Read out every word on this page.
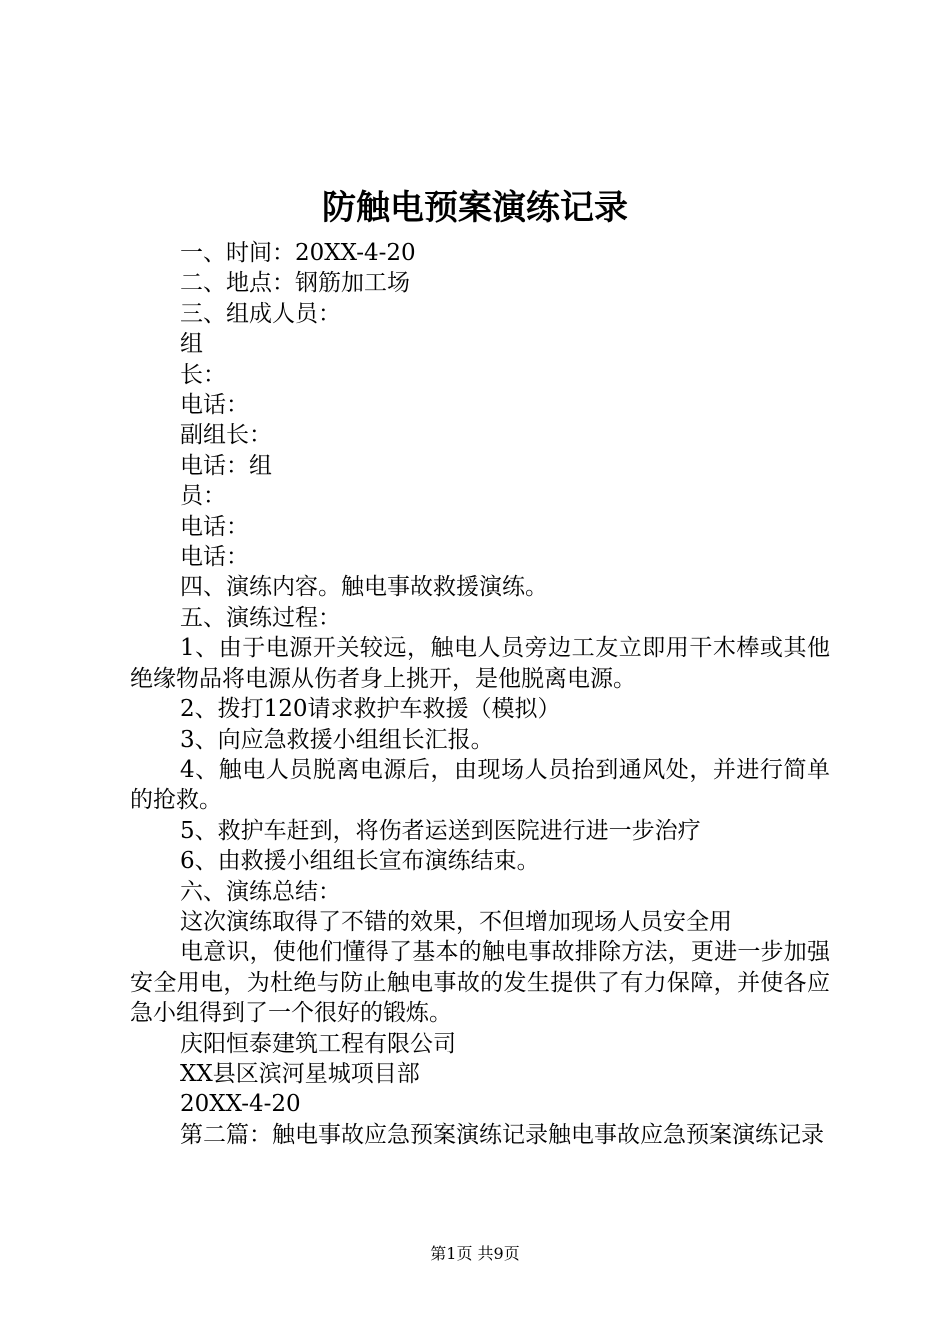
防触电预案演练记录
一、时间：20XX-4-20
二、地点：钢筋加工场
三、组成人员：
组
长：
电话：
副组长：
电话：组
员：
电话：
电话：
四、演练内容。触电事故救援演练。
五、演练过程：

1、由于电源开关较远，触电人员旁边工友立即用干木棒或其他绝缘物品将电源从伤者身上挑开，是他脱离电源。

2、拨打120请求救护车救援（模拟）
3、向应急救援小组组长汇报。

4、触电人员脱离电源后，由现场人员抬到通风处，并进行简单的抢救。

5、救护车赶到，将伤者运送到医院进行进一步治疗
6、由救援小组组长宣布演练结束。
六、演练总结：
这次演练取得了不错的效果，不但增加现场人员安全用

电意识，使他们懂得了基本的触电事故排除方法，更进一步加强安全用电，为杜绝与防止触电事故的发生提供了有力保障，并使各应急小组得到了一个很好的锻炼。

庆阳恒泰建筑工程有限公司
XX县区滨河星城项目部
20XX-4-20

第二篇：触电事故应急预案演练记录触电事故应急预案演练记录

第1页 共9页
